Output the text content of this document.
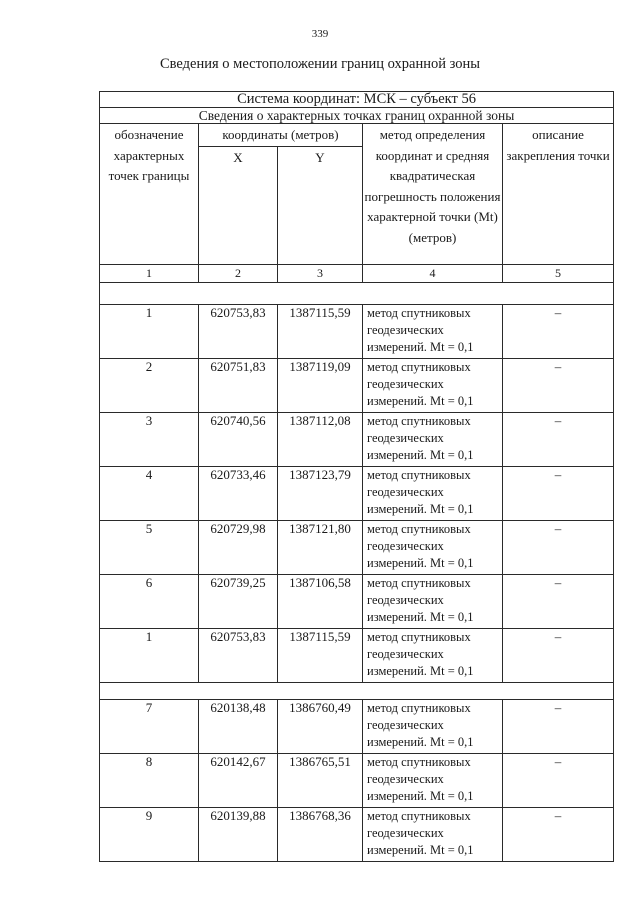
339
Сведения о местоположении границ охранной зоны
Система координат: МСК – субъект 56				
Сведения о характерных точках границ охранной зоны				
обозначение характерных точек границы	координаты (метров)		метод определения координат и средняя квадратическая погрешность положения характерной точки (Mt) (метров)	описание закрепления точки
	X	Y		
1	2	3	4	5

1	620753,83	1387115,59	метод спутниковых геодезических измерений. Mt = 0,1	–
2	620751,83	1387119,09	метод спутниковых геодезических измерений. Mt = 0,1	–
3	620740,56	1387112,08	метод спутниковых геодезических измерений. Mt = 0,1	–
4	620733,46	1387123,79	метод спутниковых геодезических измерений. Mt = 0,1	–
5	620729,98	1387121,80	метод спутниковых геодезических измерений. Mt = 0,1	–
6	620739,25	1387106,58	метод спутниковых геодезических измерений. Mt = 0,1	–
1	620753,83	1387115,59	метод спутниковых геодезических измерений. Mt = 0,1	–

7	620138,48	1386760,49	метод спутниковых геодезических измерений. Mt = 0,1	–
8	620142,67	1386765,51	метод спутниковых геодезических измерений. Mt = 0,1	–
9	620139,88	1386768,36	метод спутниковых геодезических измерений. Mt = 0,1	–
